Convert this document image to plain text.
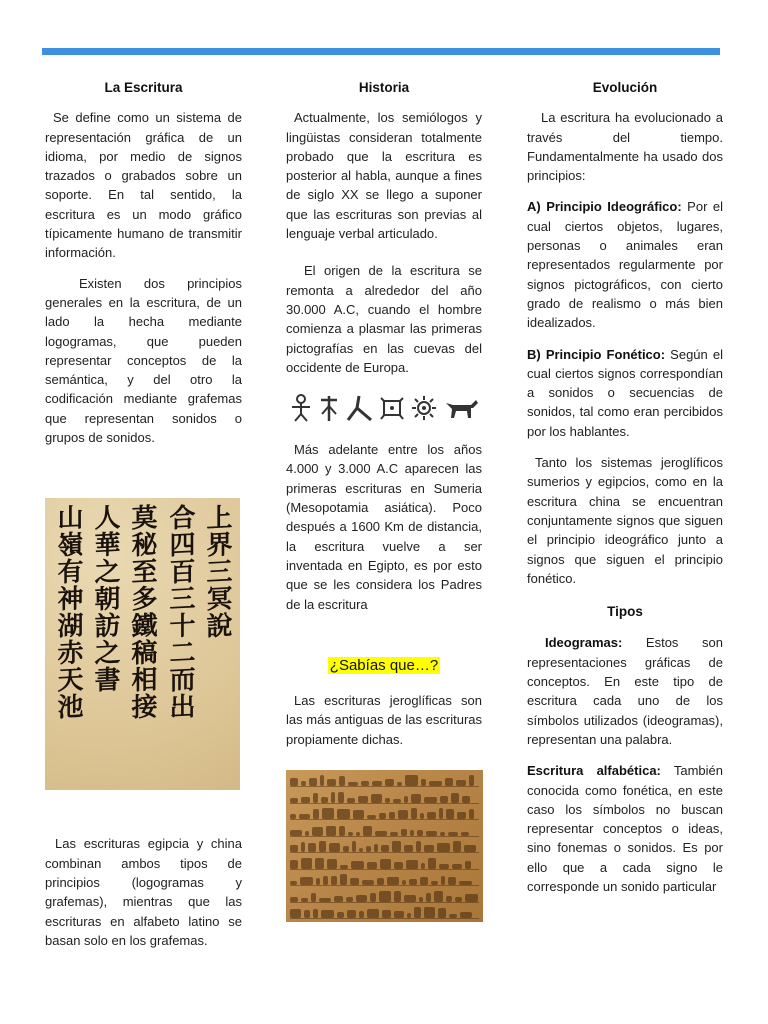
La Escritura

Se define como un sistema de representación gráfica de un idioma, por medio de signos trazados o grabados sobre un soporte. En tal sentido, la escritura es un modo gráfico típicamente humano de transmitir información.

Existen dos principios generales en la escritura, de un lado la hecha mediante logogramas, que pueden representar conceptos de la semántica, y del otro la codificación mediante grafemas que representan sonidos o grupos de sonidos.

上界三冥說
合四百三十二而出
莫秘至多鐵稿相接
人華之朝訪之書
山嶺有神湖赤天池

Las escrituras egipcia y china combinan ambos tipos de principios (logogramas y grafemas), mientras que las escrituras en alfabeto latino se basan solo en los grafemas.

Historia

Actualmente, los semiólogos y lingüistas consideran totalmente probado que la escritura es posterior al habla, aunque a fines de siglo XX se llego a suponer que las escrituras son previas al lenguaje verbal articulado.

El origen de la escritura se remonta a alrededor del año 30.000 A.C, cuando el hombre comienza a plasmar las primeras pictografías en las cuevas del occidente de Europa.

Más adelante entre los años 4.000 y 3.000 A.C aparecen las primeras escrituras en Sumeria (Mesopotamia asiática). Poco después a 1600 Km de distancia, la escritura vuelve a ser inventada en Egipto, es por esto que se les considera los Padres de la escritura

¿Sabías que…?

Las escrituras jeroglíficas son las más antiguas de las escrituras propiamente dichas.

Evolución

La escritura ha evolucionado a través del tiempo. Fundamentalmente ha usado dos principios:

A) Principio Ideográfico: Por el cual ciertos objetos, lugares, personas o animales eran representados regularmente por signos pictográficos, con cierto grado de realismo o más bien idealizados.

B) Principio Fonético: Según el cual ciertos signos correspondían a sonidos o secuencias de sonidos, tal como eran percibidos por los hablantes.

Tanto los sistemas jeroglíficos sumerios y egipcios, como en la escritura china se encuentran conjuntamente signos que siguen el principio ideográfico junto a signos que siguen el principio fonético.

Tipos

Ideogramas: Estos son representaciones gráficas de conceptos. En este tipo de escritura cada uno de los símbolos utilizados (ideogramas), representan una palabra.

Escritura alfabética: También conocida como fonética, en este caso los símbolos no buscan representar conceptos o ideas, sino fonemas o sonidos. Es por ello que a cada signo le corresponde un sonido particular
